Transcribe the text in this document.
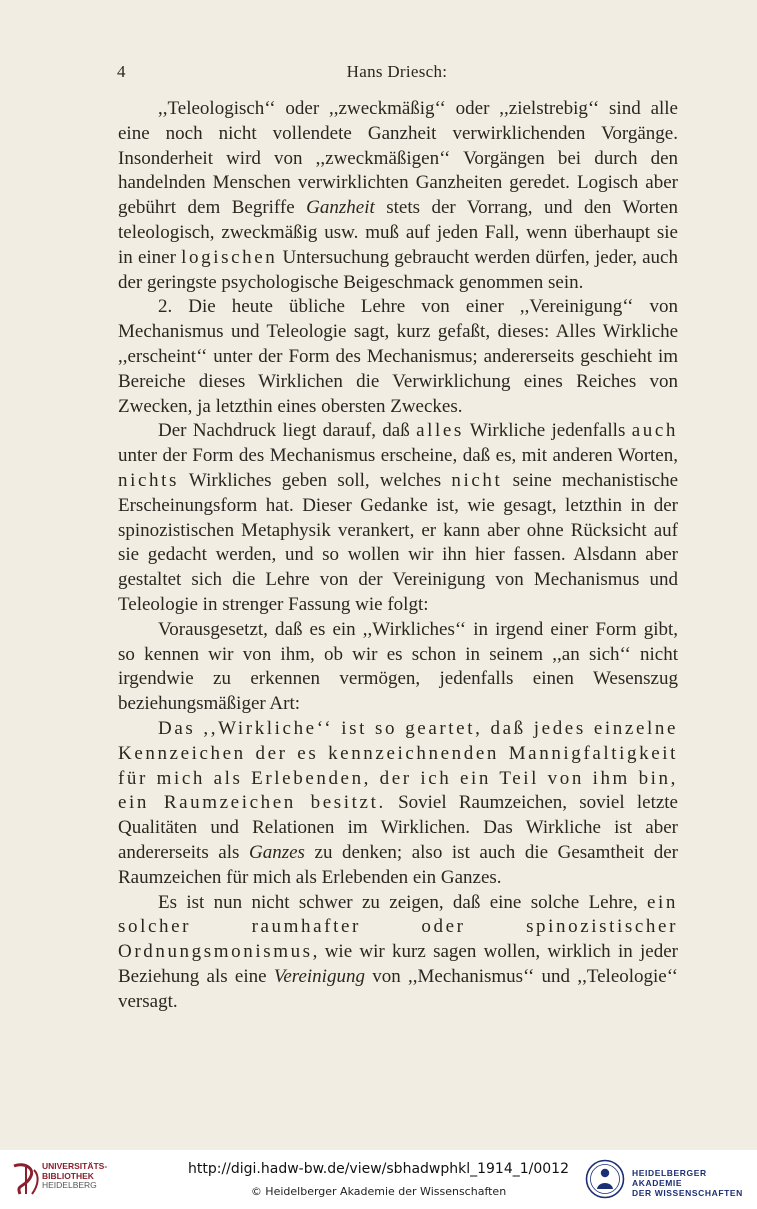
4	Hans Driesch:

,,Teleologisch‘‘ oder ,,zweckmäßig‘‘ oder ,,zielstrebig‘‘ sind alle eine noch nicht vollendete Ganzheit verwirklichenden Vorgänge. Insonderheit wird von ,,zweckmäßigen‘‘ Vorgängen bei durch den handelnden Menschen verwirklichten Ganzheiten geredet. Logisch aber gebührt dem Begriffe Ganzheit stets der Vorrang, und den Worten teleologisch, zweckmäßig usw. muß auf jeden Fall, wenn überhaupt sie in einer logischen Untersuchung gebraucht werden dürfen, jeder, auch der geringste psychologische Beigeschmack genommen sein.

2. Die heute übliche Lehre von einer ,,Vereinigung‘‘ von Mechanismus und Teleologie sagt, kurz gefaßt, dieses: Alles Wirkliche ,,erscheint‘‘ unter der Form des Mechanismus; andererseits geschieht im Bereiche dieses Wirklichen die Verwirklichung eines Reiches von Zwecken, ja letzthin eines obersten Zweckes.

Der Nachdruck liegt darauf, daß alles Wirkliche jedenfalls auch unter der Form des Mechanismus erscheine, daß es, mit anderen Worten, nichts Wirkliches geben soll, welches nicht seine mechanistische Erscheinungsform hat. Dieser Gedanke ist, wie gesagt, letzthin in der spinozistischen Metaphysik verankert, er kann aber ohne Rücksicht auf sie gedacht werden, und so wollen wir ihn hier fassen. Alsdann aber gestaltet sich die Lehre von der Vereinigung von Mechanismus und Teleologie in strenger Fassung wie folgt:

Vorausgesetzt, daß es ein ,,Wirkliches‘‘ in irgend einer Form gibt, so kennen wir von ihm, ob wir es schon in seinem ,,an sich‘‘ nicht irgendwie zu erkennen vermögen, jedenfalls einen Wesenszug beziehungsmäßiger Art:

Das ,,Wirkliche‘‘ ist so geartet, daß jedes einzelne Kennzeichen der es kennzeichnenden Mannigfaltigkeit für mich als Erlebenden, der ich ein Teil von ihm bin, ein Raumzeichen besitzt. Soviel Raumzeichen, soviel letzte Qualitäten und Relationen im Wirklichen. Das Wirkliche ist aber andererseits als Ganzes zu denken; also ist auch die Gesamtheit der Raumzeichen für mich als Erlebenden ein Ganzes.

Es ist nun nicht schwer zu zeigen, daß eine solche Lehre, ein solcher raumhafter oder spinozistischer Ordnungsmonismus, wie wir kurz sagen wollen, wirklich in jeder Beziehung als eine Vereinigung von ,,Mechanismus‘‘ und ,,Teleologie‘‘ versagt.

UNIVERSITÄTS-
BIBLIOTHEK
HEIDELBERG
http://digi.hadw-bw.de/view/sbhadwphkl_1914_1/0012
© Heidelberger Akademie der Wissenschaften
HEIDELBERGER AKADEMIE
DER WISSENSCHAFTEN
